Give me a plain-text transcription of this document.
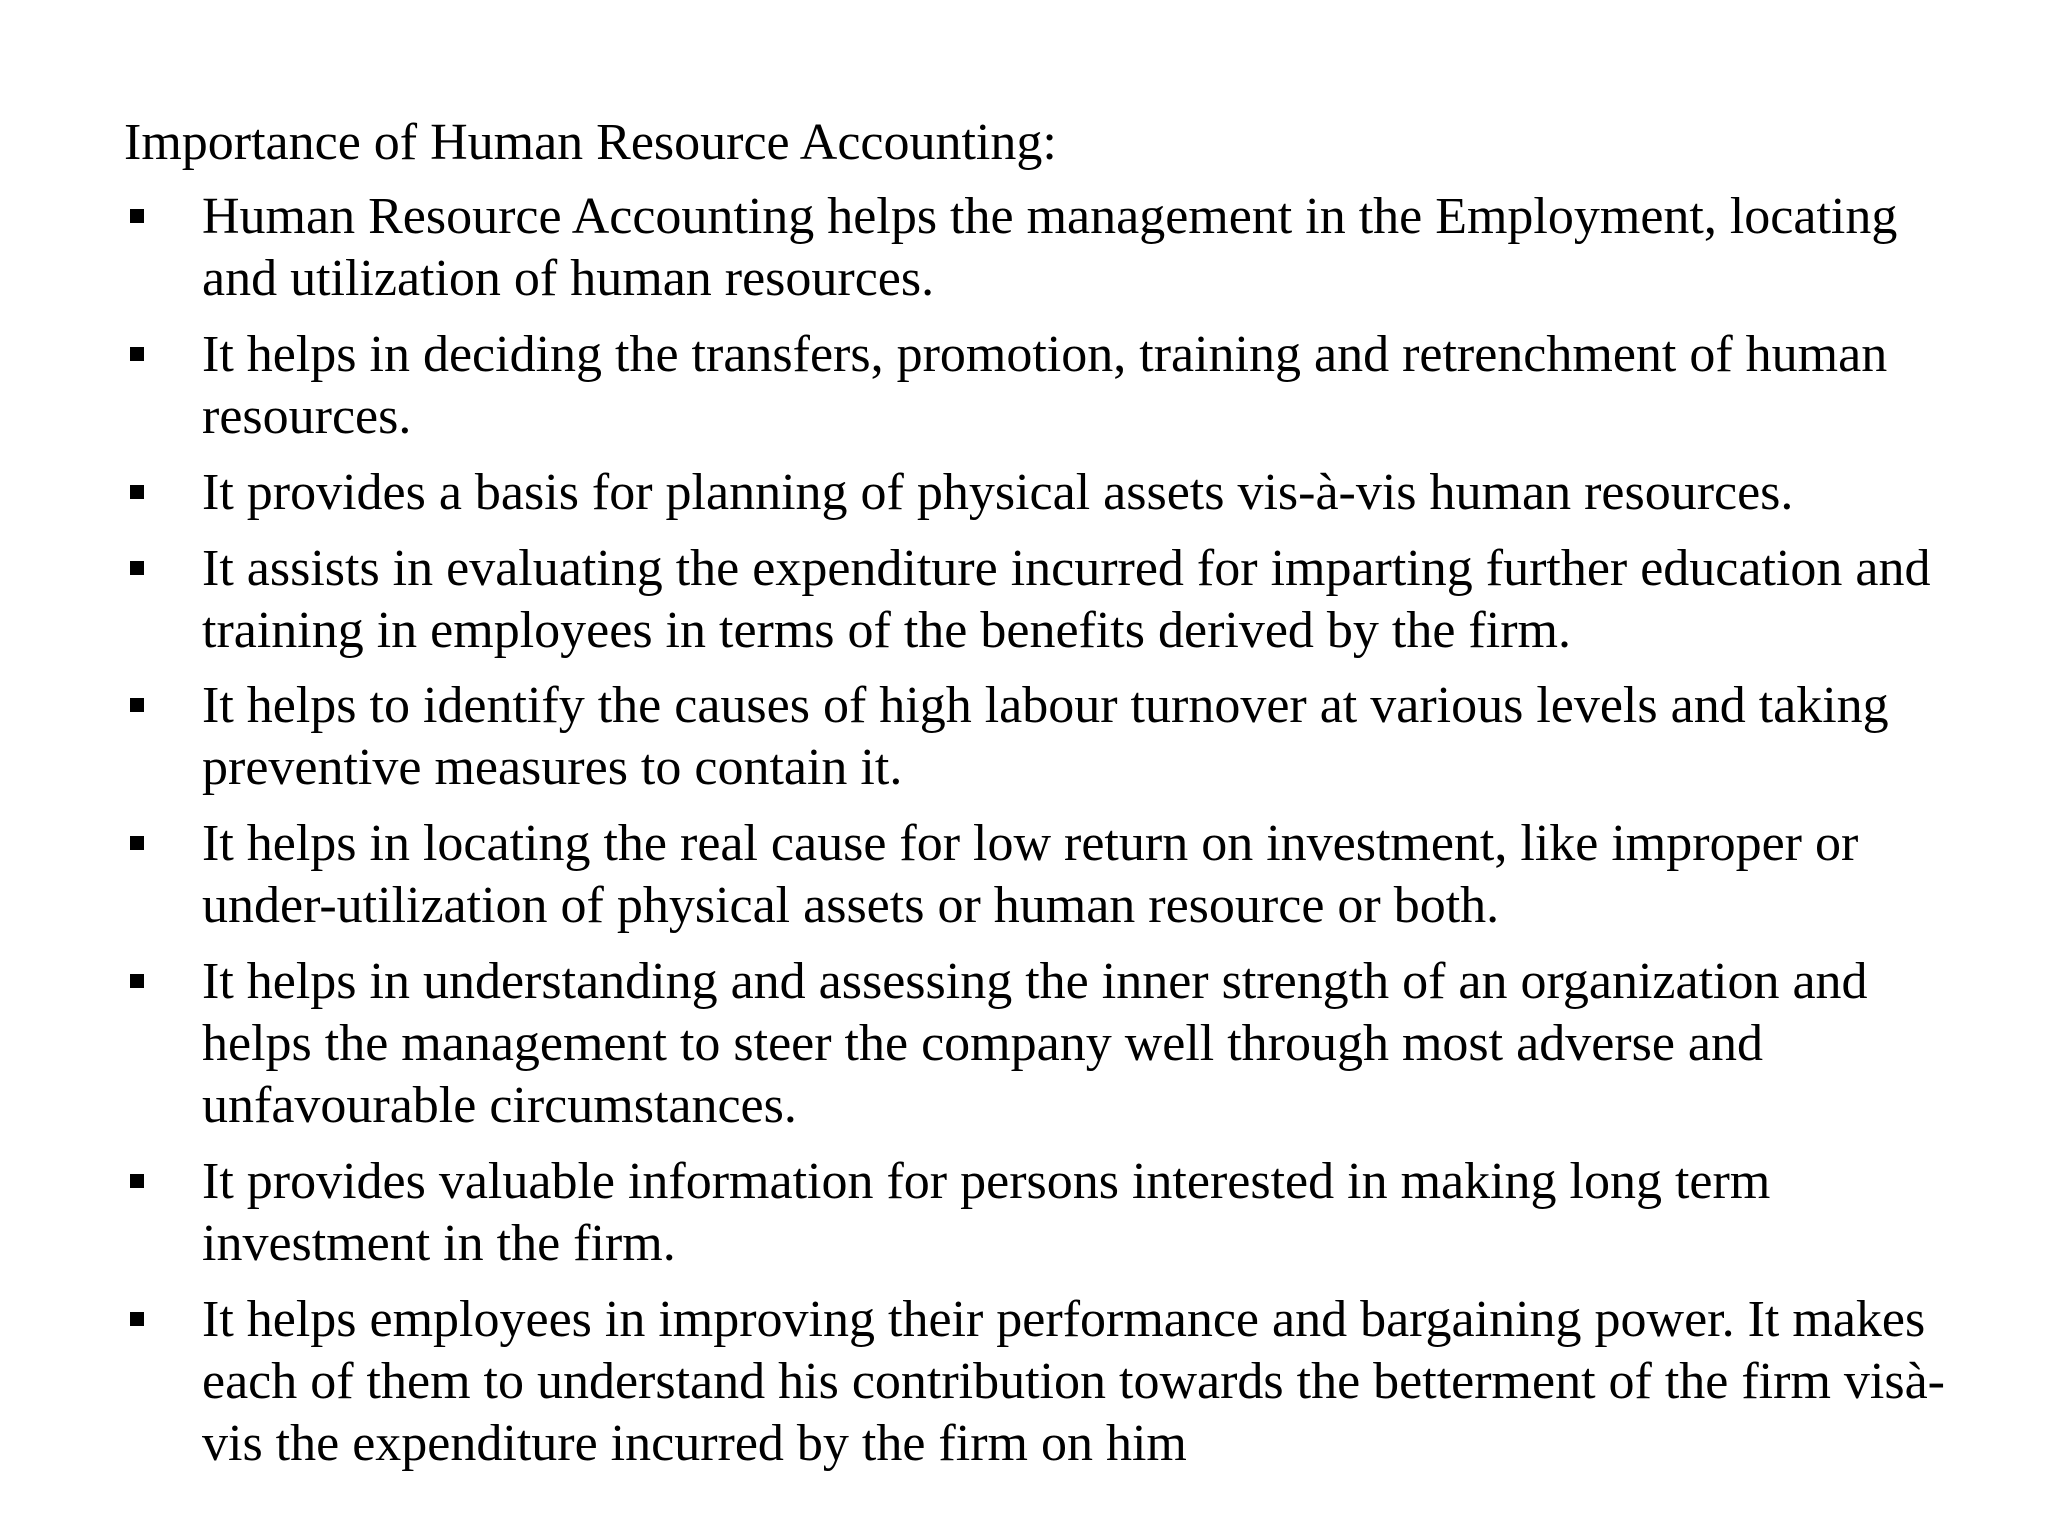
Importance of Human Resource Accounting:
Human Resource Accounting helps the management in the Employment, locating
and utilization of human resources.
It helps in deciding the transfers, promotion, training and retrenchment of human
resources.
It provides a basis for planning of physical assets vis-à-vis human resources.
It assists in evaluating the expenditure incurred for imparting further education and
training in employees in terms of the benefits derived by the firm.
It helps to identify the causes of high labour turnover at various levels and taking
preventive measures to contain it.
It helps in locating the real cause for low return on investment, like improper or
under-utilization of physical assets or human resource or both.
It helps in understanding and assessing the inner strength of an organization and
helps the management to steer the company well through most adverse and
unfavourable circumstances.
It provides valuable information for persons interested in making long term
investment in the firm.
It helps employees in improving their performance and bargaining power. It makes
each of them to understand his contribution towards the betterment of the firm visà-
vis the expenditure incurred by the firm on him
